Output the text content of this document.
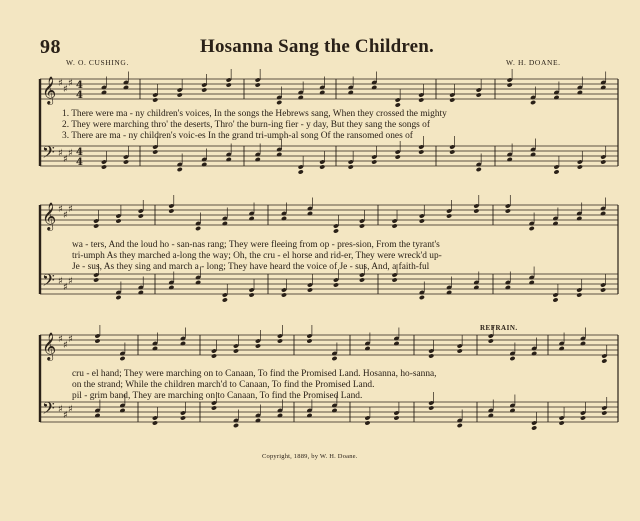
98	Hosanna Sang the Children.
W. O. CUSHING.	W. H. DOANE.
𝄞
𝄢
♯
♯
♯
♯
♯
♯
4
4
4
4
𝄞
𝄢
♯
♯
♯
♯
♯
♯
𝄞
𝄢
♯
♯
♯
♯
♯
♯
1. There were ma - ny children's voices, In the songs the Hebrews sang, When they crossed the mighty
2. They were marching thro' the deserts, Thro' the burn-ing fier - y day, But they sang the songs of
3. There are ma - ny children's voic-es In the grand tri-umph-al song Of the ransomed ones of
wa - ters, And the loud ho - san-nas rang; They were fleeing from op - pres-sion, From the tyrant's
tri-umph As they marched a-long the way; Oh, the cru - el horse and rid-er, They were wreck'd up-
Je - sus, As they sing and march a - long; They have heard the voice of Je - sus, And, a faith-ful
REFRAIN.
cru - el hand; They were marching on to Canaan, To find the Promised Land. Hosanna, ho-sanna,
on the strand; While the children march'd to Canaan, To find the Promised Land.
pil - grim band, They are marching on to Canaan, To find the Promised Land.
Copyright, 1889, by W. H. Doane.
